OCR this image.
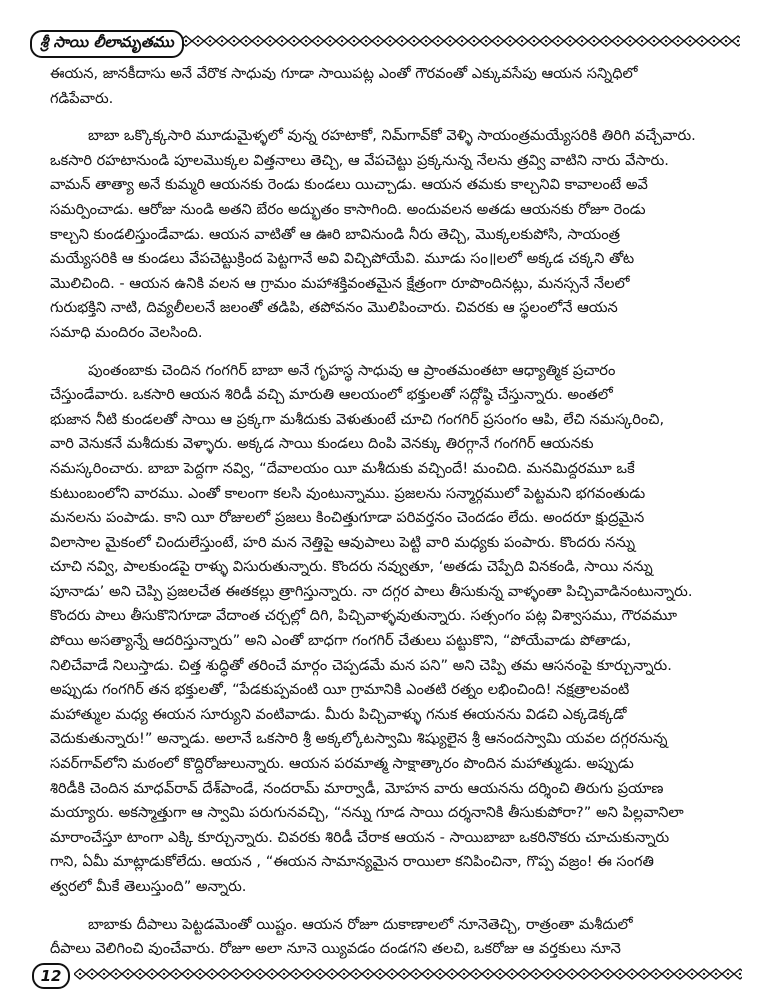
శ్రీ సాయి లీలామృతము
ఈయన, జానకీదాసు అనే వేరొక సాధువు గూడా సాయిపట్ల ఎంతో గౌరవంతో ఎక్కువసేపు ఆయన సన్నిధిలో
గడిపేవారు.
బాబా ఒక్కొక్కసారి మూడుమైళ్ళలో వున్న రహటాకో, నిమ్‌గావ్‌కో వెళ్ళి సాయంత్రమయ్యేసరికి తిరిగి వచ్చేవారు.
ఒకసారి రహటానుండి పూలమొక్కల విత్తనాలు తెచ్చి, ఆ వేపచెట్టు ప్రక్కనున్న నేలను త్రవ్వి వాటిని నారు వేసారు.
వామన్ తాత్యా అనే కుమ్మరి ఆయనకు రెండు కుండలు యిచ్చాడు. ఆయన తమకు కాల్చనివి కావాలంటే అవే
సమర్పించాడు. ఆరోజు నుండి అతని బేరం అద్భుతం కాసాగింది. అందువలన అతడు ఆయనకు రోజూ రెండు
కాల్చని కుండలిస్తుండేవాడు. ఆయన వాటితో ఆ ఊరి బావినుండి నీరు తెచ్చి, మొక్కలకుపోసి, సాయంత్ర
మయ్యేసరికి ఆ కుండలు వేపచెట్టుక్రింద పెట్టగానే అవి విచ్చిపోయేవి. మూడు సం॥లలో అక్కడ చక్కని తోట
మొలిచింది. - ఆయన ఉనికి వలన ఆ గ్రామం మహాశక్తివంతమైన క్షేత్రంగా రూపొందినట్లు, మనస్సనే నేలలో
గురుభక్తిని నాటి, దివ్యలీలలనే జలంతో తడిపి, తపోవనం మొలిపించారు. చివరకు ఆ స్థలంలోనే ఆయన
సమాధి మందిరం వెలసింది.
పుంతంబాకు చెందిన గంగగిర్ బాబా అనే గృహస్థ సాధువు ఆ ప్రాంతమంతటా ఆధ్యాత్మిక ప్రచారం
చేస్తుండేవారు. ఒకసారి ఆయన శిరిడీ వచ్చి మారుతి ఆలయంలో భక్తులతో సద్గోష్ఠి చేస్తున్నారు. అంతలో
భుజాన నీటి కుండలతో సాయి ఆ ప్రక్కగా మశీదుకు వెళుతుంటే చూచి గంగగిర్ ప్రసంగం ఆపి, లేచి నమస్కరించి,
వారి వెనుకనే మశీదుకు వెళ్ళారు. అక్కడ సాయి కుండలు దింపి వెనక్కు తిరగ్గానే గంగగిర్ ఆయనకు
నమస్కరించారు. బాబా పెద్దగా నవ్వి, “దేవాలయం యీ మశీదుకు వచ్చిందే! మంచిది. మనమిద్దరమూ ఒకే
కుటుంబంలోని వారము. ఎంతో కాలంగా కలసి వుంటున్నాము. ప్రజలను సన్మార్గములో పెట్టమని భగవంతుడు
మనలను పంపాడు. కాని యీ రోజులలో ప్రజలు కించిత్తుగూడా పరివర్తనం చెందడం లేదు. అందరూ క్షుద్రమైన
విలాసాల మైకంలో చిందులేస్తుంటే, హరి మన నెత్తిపై ఆవుపాలు పెట్టి వారి మధ్యకు పంపారు. కొందరు నన్ను
చూచి నవ్వి, పాలకుండపై రాళ్ళు విసురుతున్నారు. కొందరు నవ్వుతూ, ‘అతడు చెప్పేది వినకండి, సాయి నన్ను
పూనాడు’ అని చెప్పి ప్రజలచేత ఈతకల్లు త్రాగిస్తున్నారు. నా దగ్గర పాలు తీసుకున్న వాళ్ళంతా పిచ్చివాడినంటున్నారు.
కొందరు పాలు తీసుకొనిగూడా వేదాంత చర్చల్లో దిగి, పిచ్చివాళ్ళవుతున్నారు. సత్సంగం పట్ల విశ్వాసము, గౌరవమూ
పోయి అసత్యాన్నే ఆదరిస్తున్నారు” అని ఎంతో బాధగా గంగగిర్ చేతులు పట్టుకొని, “పోయేవాడు పోతాడు,
నిలిచేవాడే నిలుస్తాడు. చిత్త శుద్ధితో తరించే మార్గం చెప్పడమే మన పని” అని చెప్పి తమ ఆసనంపై కూర్చున్నారు.
అప్పుడు గంగగిర్ తన భక్తులతో, “పేడకుప్పవంటి యీ గ్రామానికి ఎంతటి రత్నం లభించింది! నక్షత్రాలవంటి
మహాత్ముల మధ్య ఈయన సూర్యుని వంటివాడు. మీరు పిచ్చివాళ్ళు గనుక ఈయనను విడచి ఎక్కడెక్కడో
వెదుకుతున్నారు!” అన్నాడు. అలానే ఒకసారి శ్రీ అక్కల్కోటస్వామి శిష్యులైన శ్రీ ఆనందస్వామి యవల దగ్గరనున్న
సవర్‌గావ్‌లోని మఠంలో కొద్దిరోజులున్నారు. ఆయన పరమాత్మ సాక్షాత్కారం పొందిన మహాత్ముడు. అప్పుడు
శిరిడీకి చెందిన మాధవ్‌రావ్ దేశ్‌పాండే, నందరామ్ మార్వాడీ, మోహన వారు ఆయనను దర్శించి తిరుగు ప్రయాణ
మయ్యారు. అకస్మాత్తుగా ఆ స్వామి పరుగునవచ్చి, “నన్ను గూడ సాయి దర్శనానికి తీసుకుపోరా?” అని పిల్లవానిలా
మారాంచేస్తూ టాంగా ఎక్కి కూర్చున్నారు. చివరకు శిరిడీ చేరాక ఆయన - సాయిబాబా ఒకరినొకరు చూచుకున్నారు
గాని, ఏమీ మాట్లాడుకోలేదు. ఆయన , “ఈయన సామాన్యమైన రాయిలా కనిపించినా, గొప్ప వజ్రం! ఈ సంగతి
త్వరలో మీకే తెలుస్తుంది” అన్నారు.
బాబాకు దీపాలు పెట్టడమెంతో యిష్టం. ఆయన రోజూ దుకాణాలలో నూనెతెచ్చి, రాత్రంతా మశీదులో
దీపాలు వెలిగించి వుంచేవారు. రోజూ అలా నూనె య్యివడం దండగని తలచి, ఒకరోజు ఆ వర్తకులు నూనె
12
